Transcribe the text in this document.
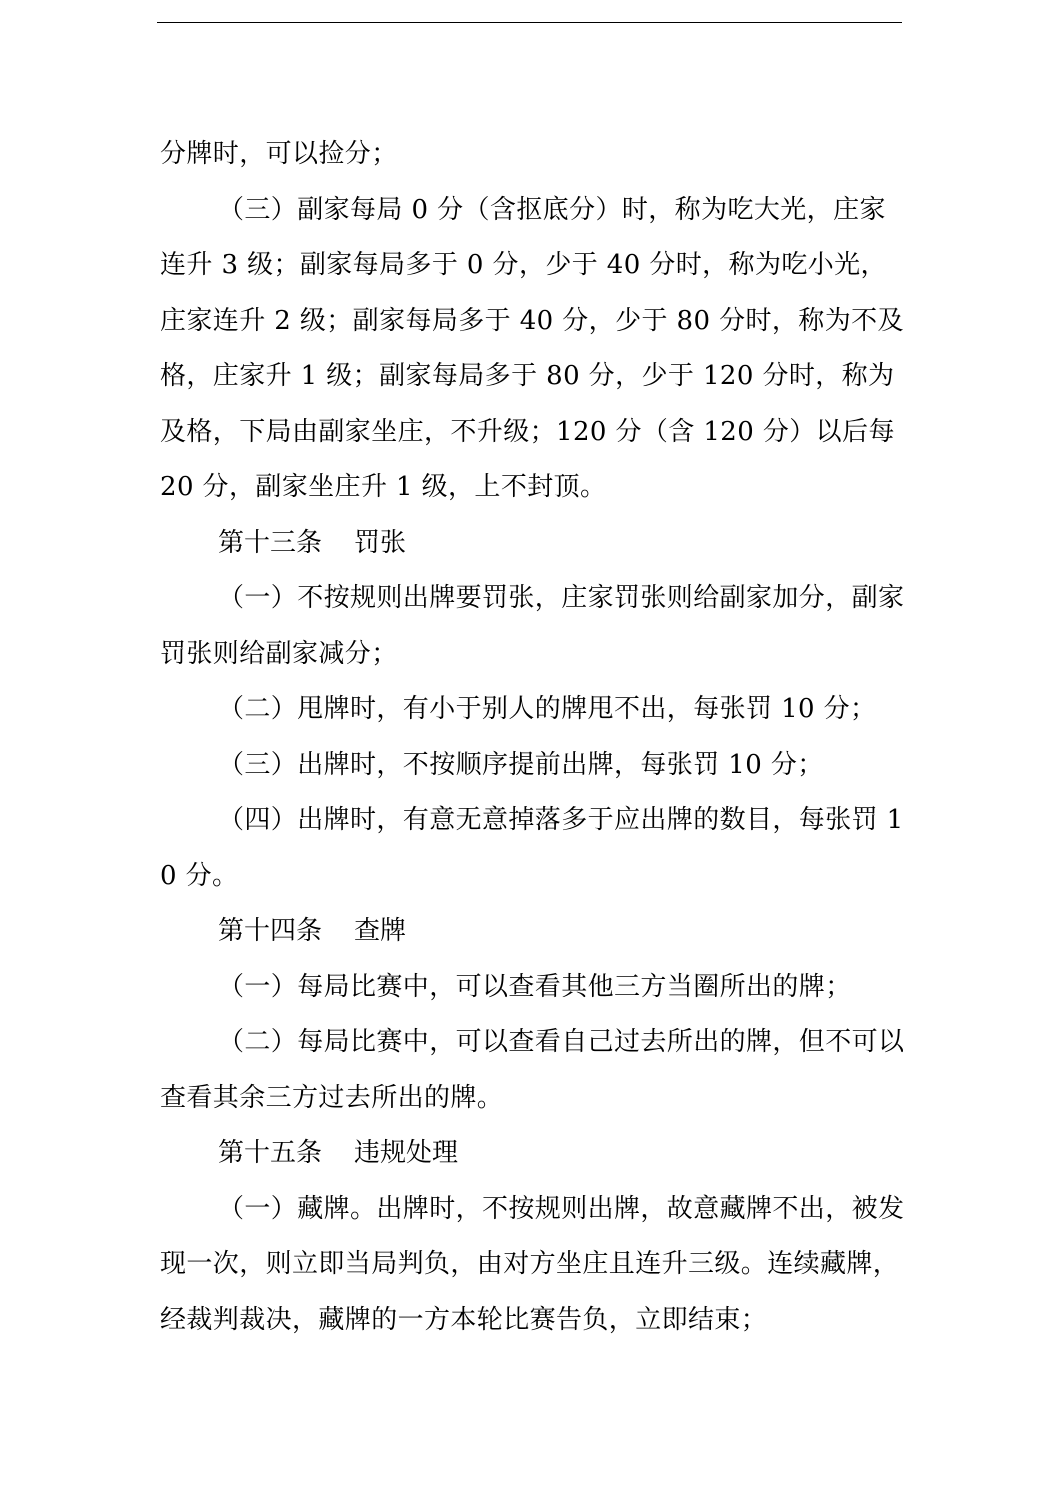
分牌时，可以捡分；

（三）副家每局 0 分（含抠底分）时，称为吃大光，庄家连升 3 级；副家每局多于 0 分，少于 40 分时，称为吃小光，庄家连升 2 级；副家每局多于 40 分，少于 80 分时，称为不及格，庄家升 1 级；副家每局多于 80 分，少于 120 分时，称为及格，下局由副家坐庄，不升级；120 分（含 120 分）以后每 20 分，副家坐庄升 1 级，上不封顶。

第十三条 罚张

（一）不按规则出牌要罚张，庄家罚张则给副家加分，副家罚张则给副家减分；

（二）甩牌时，有小于别人的牌甩不出，每张罚 10 分；

（三）出牌时，不按顺序提前出牌，每张罚 10 分；

（四）出牌时，有意无意掉落多于应出牌的数目，每张罚 10 分。

第十四条 查牌

（一）每局比赛中，可以查看其他三方当圈所出的牌；

（二）每局比赛中，可以查看自己过去所出的牌，但不可以查看其余三方过去所出的牌。

第十五条 违规处理

（一）藏牌。出牌时，不按规则出牌，故意藏牌不出，被发现一次，则立即当局判负，由对方坐庄且连升三级。连续藏牌，经裁判裁决，藏牌的一方本轮比赛告负，立即结束；
